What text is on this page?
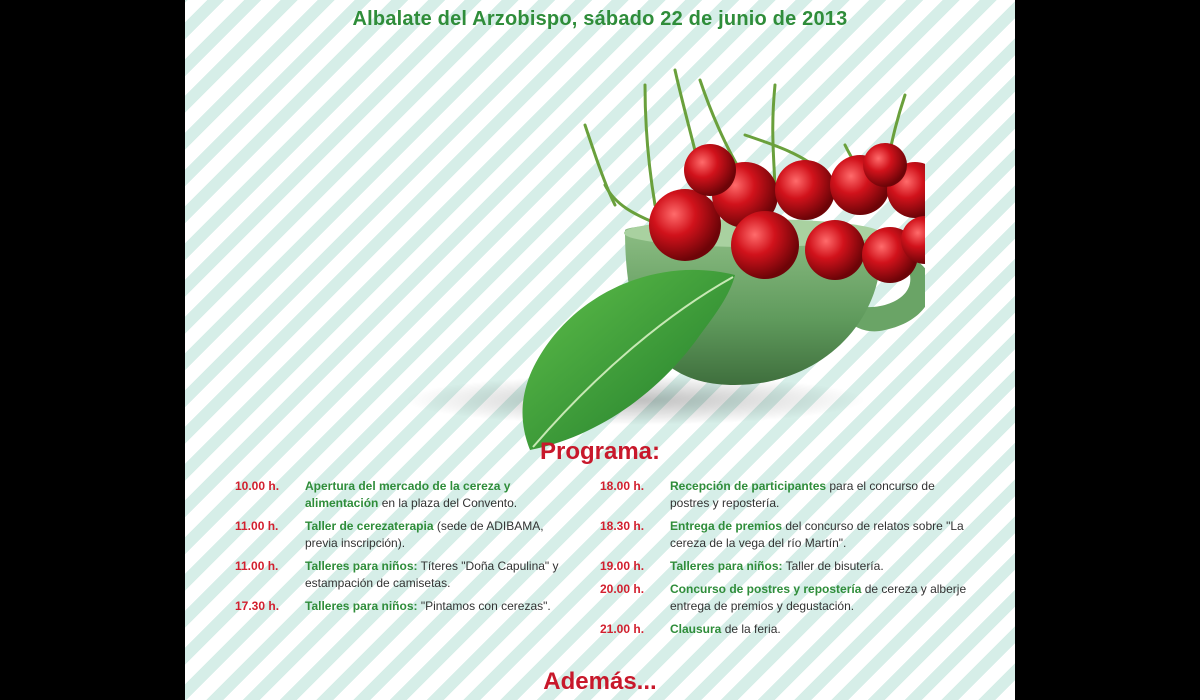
Albalate del Arzobispo, sábado 22 de junio de 2013
Programa:
10.00 h.	Apertura del mercado de la cereza y alimentación en la plaza del Convento.
11.00 h.	Taller de cerezaterapia (sede de ADIBAMA, previa inscripción).
11.00 h.	Talleres para niños: Títeres "Doña Capulina" y estampación de camisetas.
17.30 h.	Talleres para niños: "Pintamos con cerezas".
18.00 h.	Recepción de participantes para el concurso de postres y repostería.
18.30 h.	Entrega de premios del concurso de relatos sobre "La cereza de la vega del río Martín".
19.00 h.	Talleres para niños: Taller de bisutería.
20.00 h.	Concurso de postres y repostería de cereza y alberje entrega de premios y degustación.
21.00 h.	Clausura de la feria.
Además...
